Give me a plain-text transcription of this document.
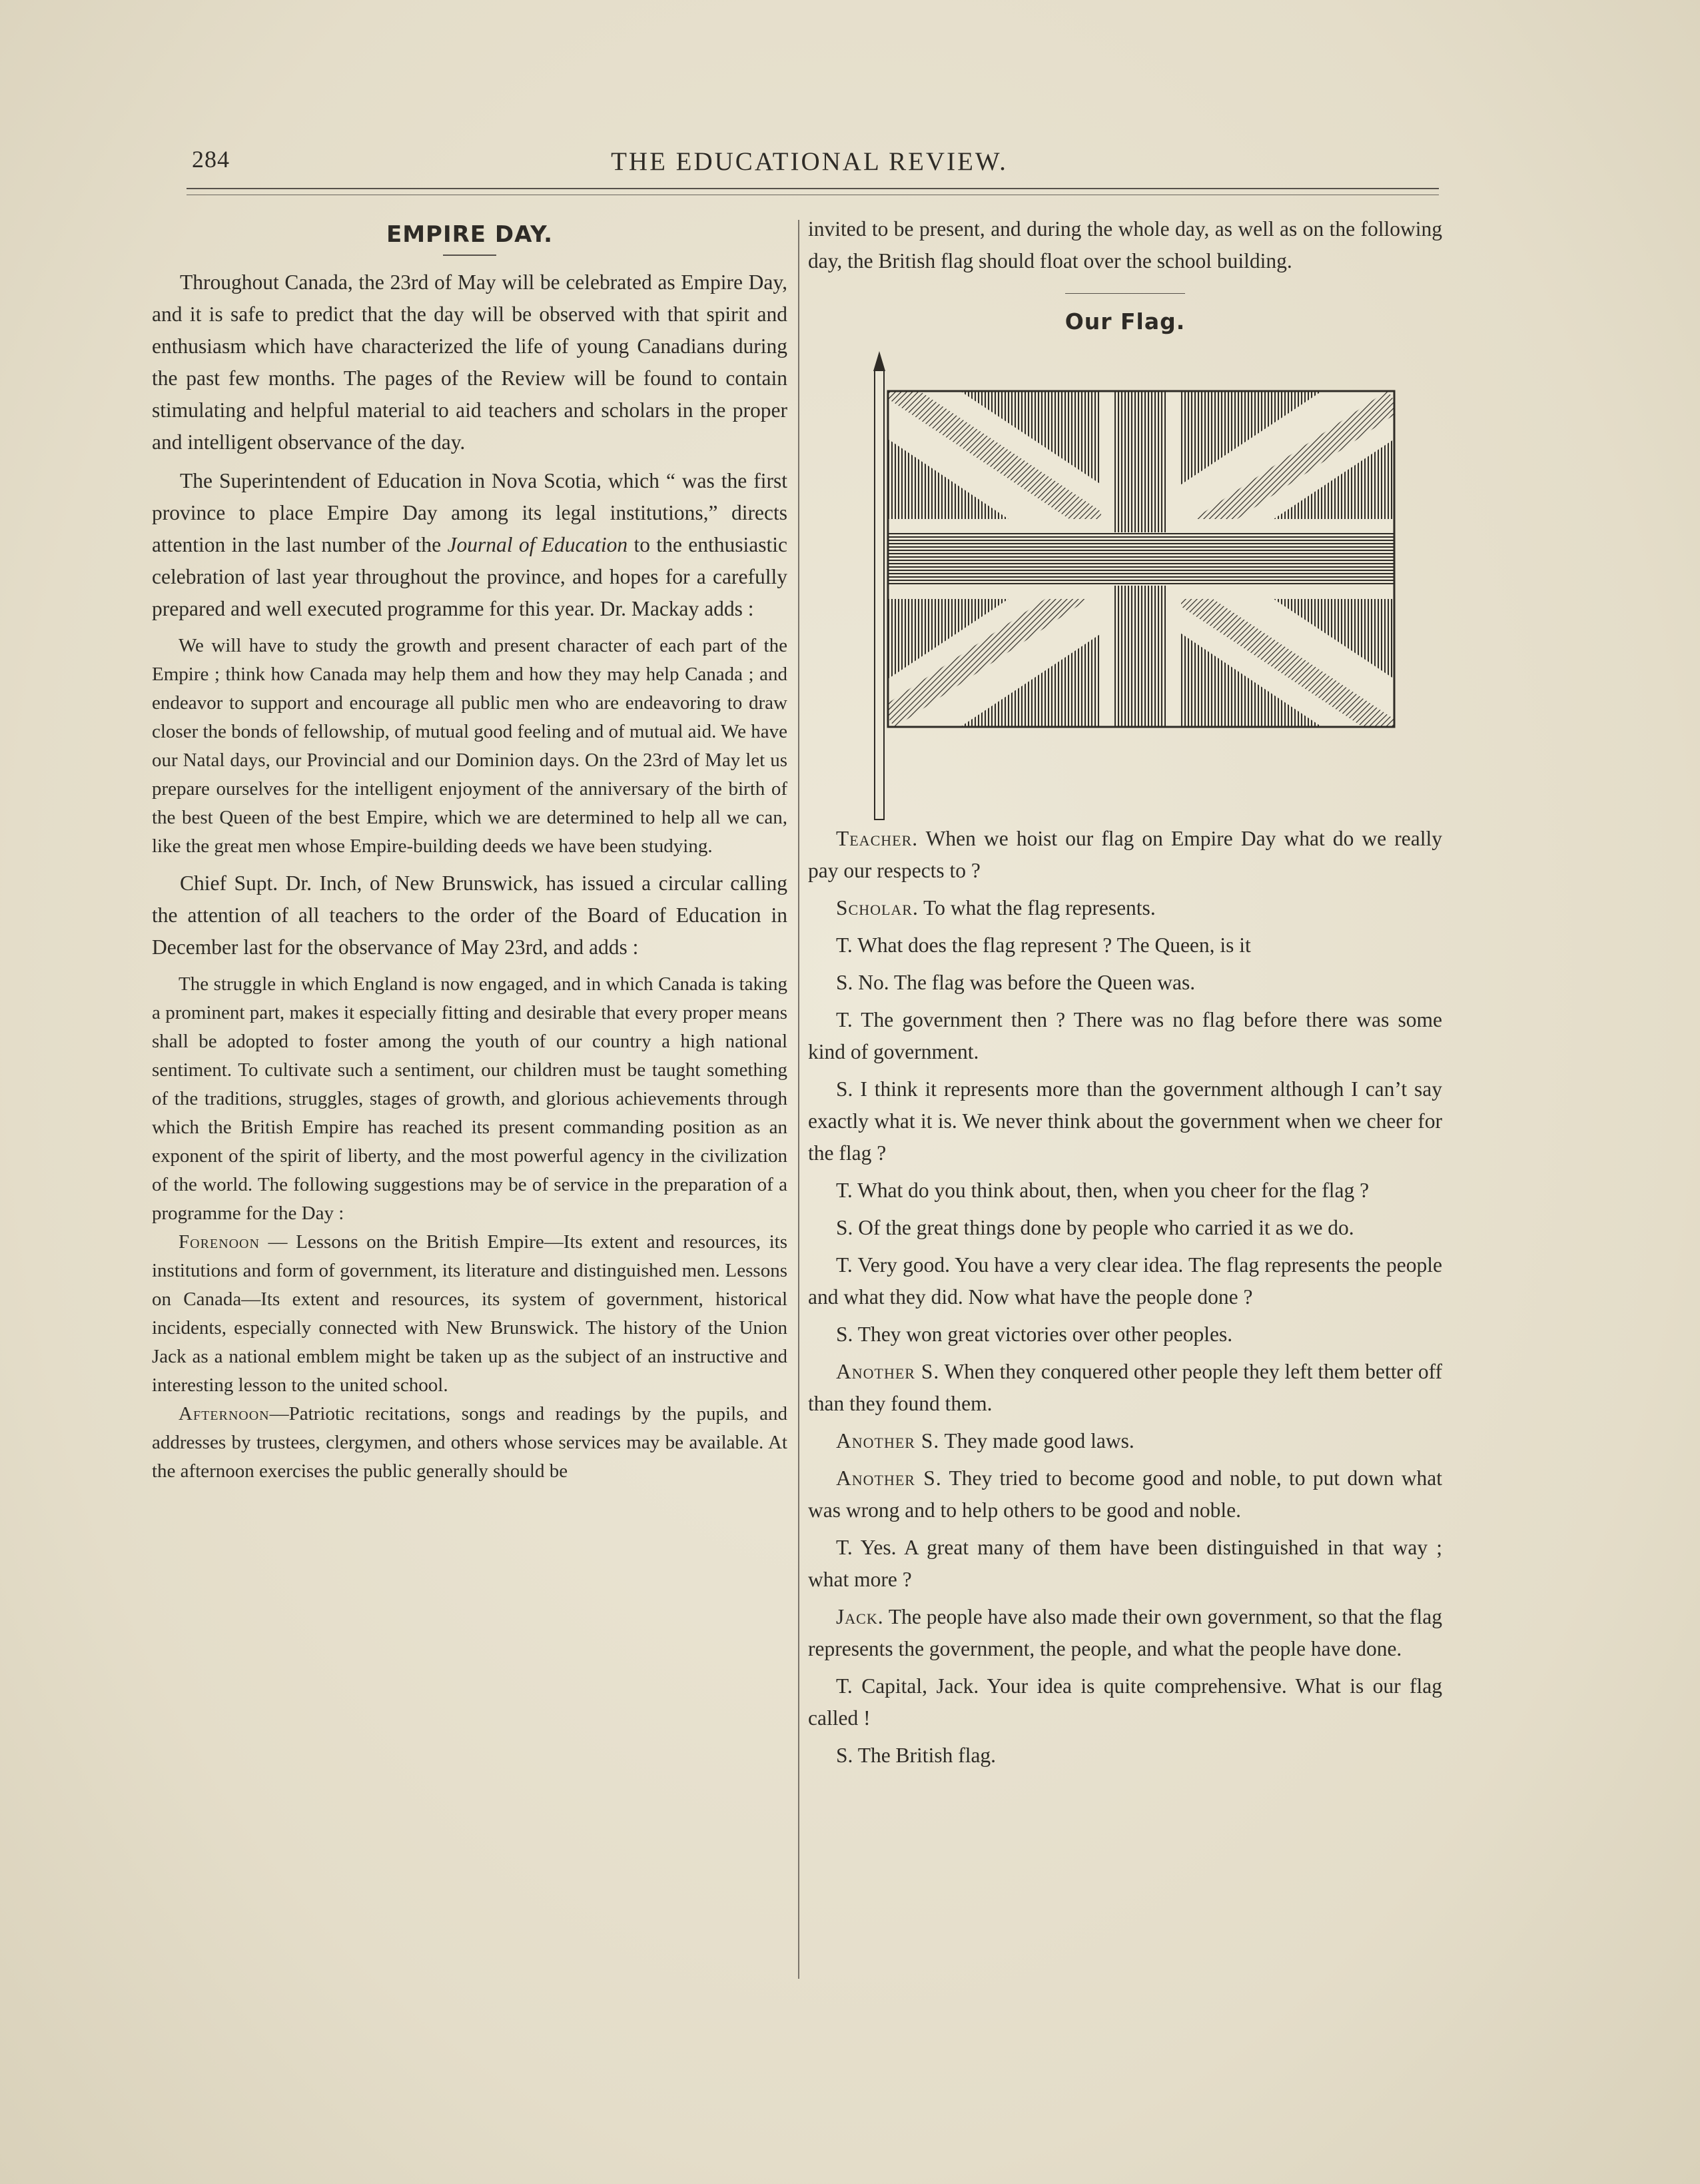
284	THE EDUCATIONAL REVIEW.
EMPIRE DAY.

Throughout Canada, the 23rd of May will be celebrated as Empire Day, and it is safe to predict that the day will be observed with that spirit and enthusiasm which have characterized the life of young Canadians during the past few months. The pages of the Review will be found to contain stimulating and helpful material to aid teachers and scholars in the proper and intelligent observance of the day.

The Superintendent of Education in Nova Scotia, which “ was the first province to place Empire Day among its legal institutions,” directs attention in the last number of the Journal of Education to the enthusiastic celebration of last year throughout the province, and hopes for a carefully prepared and well executed programme for this year. Dr. Mackay adds :

We will have to study the growth and present character of each part of the Empire ; think how Canada may help them and how they may help Canada ; and endeavor to support and encourage all public men who are endeavoring to draw closer the bonds of fellowship, of mutual good feeling and of mutual aid. We have our Natal days, our Provincial and our Dominion days. On the 23rd of May let us prepare ourselves for the intelligent enjoyment of the anniversary of the birth of the best Queen of the best Empire, which we are determined to help all we can, like the great men whose Empire-building deeds we have been studying.

Chief Supt. Dr. Inch, of New Brunswick, has issued a circular calling the attention of all teachers to the order of the Board of Education in December last for the observance of May 23rd, and adds :

The struggle in which England is now engaged, and in which Canada is taking a prominent part, makes it especially fitting and desirable that every proper means shall be adopted to foster among the youth of our country a high national sentiment. To cultivate such a sentiment, our children must be taught something of the traditions, struggles, stages of growth, and glorious achievements through which the British Empire has reached its present commanding position as an exponent of the spirit of liberty, and the most powerful agency in the civilization of the world. The following suggestions may be of service in the preparation of a programme for the Day :

Forenoon — Lessons on the British Empire—Its extent and resources, its institutions and form of government, its literature and distinguished men. Lessons on Canada—Its extent and resources, its system of government, historical incidents, especially connected with New Brunswick. The history of the Union Jack as a national emblem might be taken up as the subject of an instructive and interesting lesson to the united school.

Afternoon—Patriotic recitations, songs and readings by the pupils, and addresses by trustees, clergymen, and others whose services may be available. At the afternoon exercises the public generally should be

invited to be present, and during the whole day, as well as on the following day, the British flag should float over the school building.

Our Flag.

Teacher. When we hoist our flag on Empire Day what do we really pay our respects to ?

Scholar. To what the flag represents.

T. What does the flag represent ? The Queen, is it

S. No. The flag was before the Queen was.

T. The government then ? There was no flag before there was some kind of government.

S. I think it represents more than the government although I can’t say exactly what it is. We never think about the government when we cheer for the flag ?

T. What do you think about, then, when you cheer for the flag ?

S. Of the great things done by people who carried it as we do.

T. Very good. You have a very clear idea. The flag represents the people and what they did. Now what have the people done ?

S. They won great victories over other peoples.

Another S. When they conquered other people they left them better off than they found them.

Another S. They made good laws.

Another S. They tried to become good and noble, to put down what was wrong and to help others to be good and noble.

T. Yes. A great many of them have been distinguished in that way ; what more ?

Jack. The people have also made their own government, so that the flag represents the government, the people, and what the people have done.

T. Capital, Jack. Your idea is quite comprehensive. What is our flag called !

S. The British flag.
